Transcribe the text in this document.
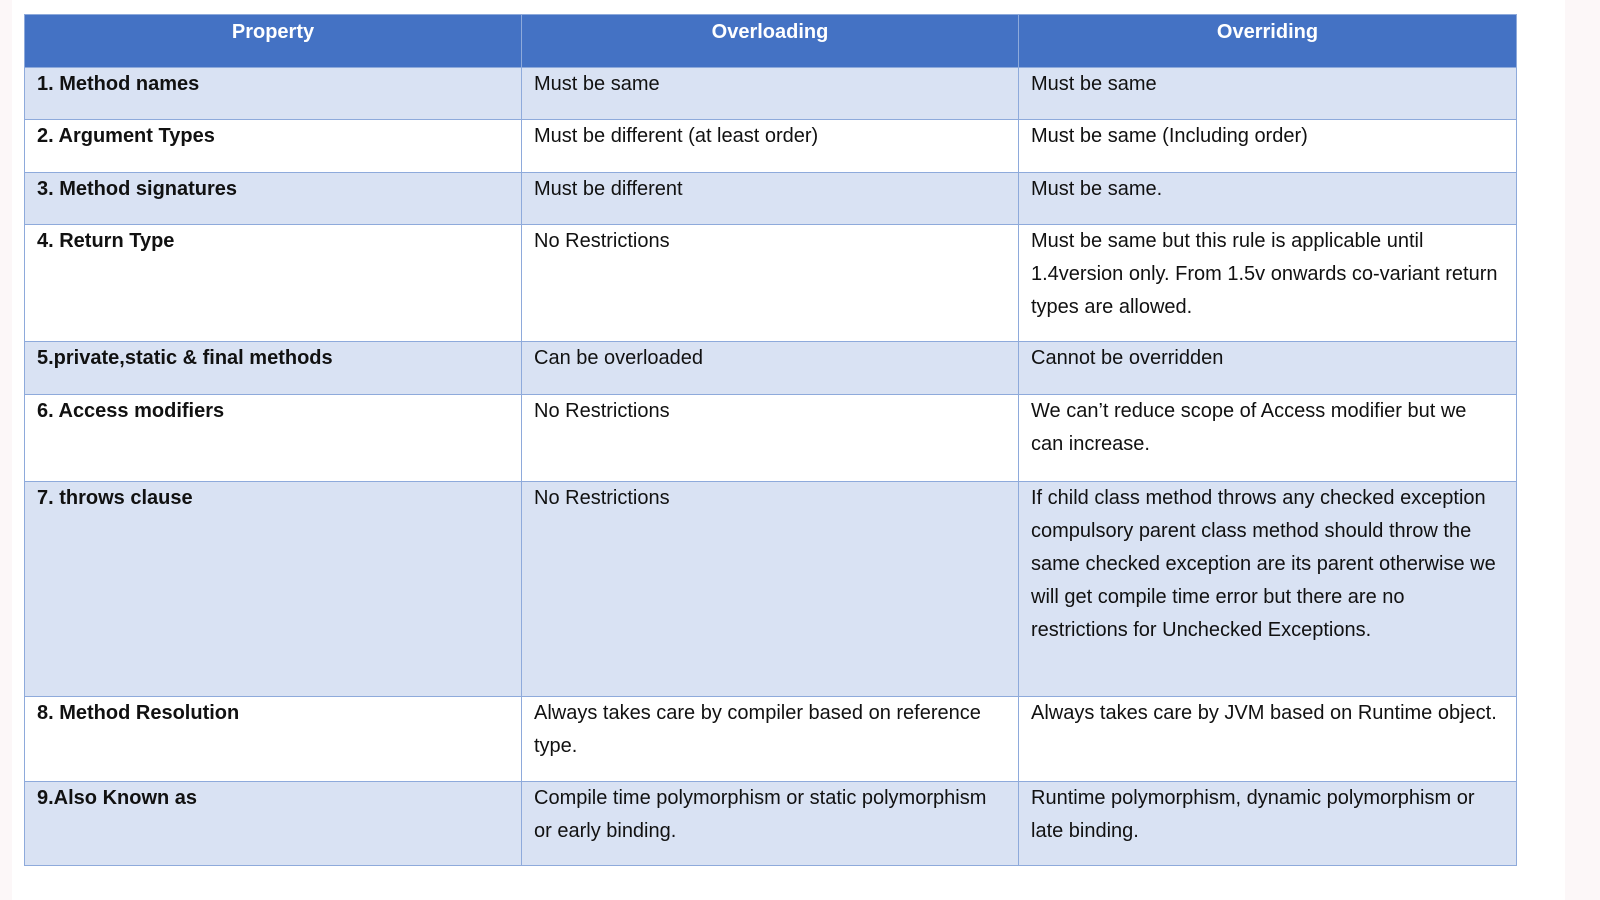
Property	Overloading	Overriding
1. Method names	Must be same	Must be same
2. Argument Types	Must be different (at least order)	Must be same (Including order)
3. Method signatures	Must be different	Must be same.
4. Return Type	No Restrictions	Must be same but this rule is applicable until 1.4version only. From 1.5v onwards co-variant return types are allowed.
5.private,static & final methods	Can be overloaded	Cannot be overridden
6. Access modifiers	No Restrictions	We can’t reduce scope of Access modifier but we can increase.
7. throws clause	No Restrictions	If child class method throws any checked exception compulsory parent class method should throw the same checked exception are its parent otherwise we will get compile time error but there are no restrictions for Unchecked Exceptions.
8. Method Resolution	Always takes care by compiler based on reference type.	Always takes care by JVM based on Runtime object.
9.Also Known as	Compile time polymorphism or static polymorphism or early binding.	Runtime polymorphism, dynamic polymorphism or late binding.
